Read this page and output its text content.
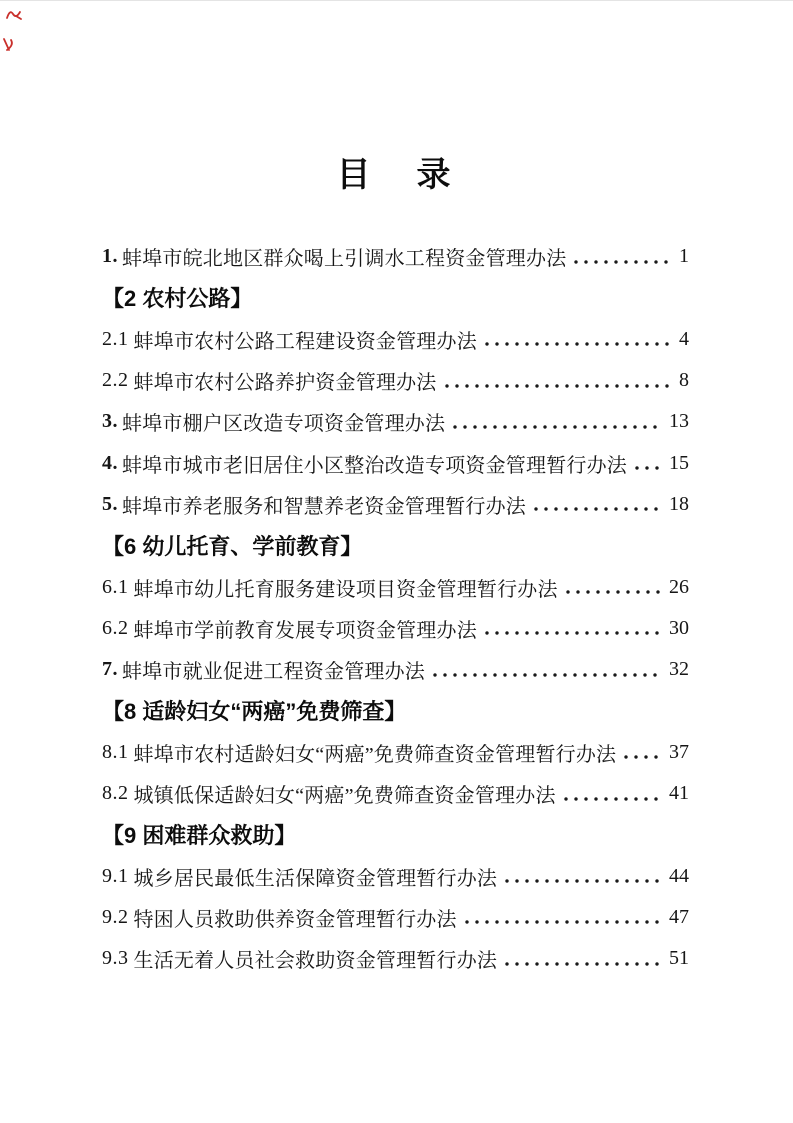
目　录
1. 蚌埠市皖北地区群众喝上引调水工程资金管理办法	1
【2 农村公路】
2.1 蚌埠市农村公路工程建设资金管理办法	4
2.2 蚌埠市农村公路养护资金管理办法	8
3. 蚌埠市棚户区改造专项资金管理办法	13
4. 蚌埠市城市老旧居住小区整治改造专项资金管理暂行办法 15
5. 蚌埠市养老服务和智慧养老资金管理暂行办法	18
【6 幼儿托育、学前教育】
6.1 蚌埠市幼儿托育服务建设项目资金管理暂行办法	26
6.2 蚌埠市学前教育发展专项资金管理办法	30
7. 蚌埠市就业促进工程资金管理办法	32
【8 适龄妇女“两癌”免费筛查】
8.1 蚌埠市农村适龄妇女“两癌”免费筛查资金管理暂行办法	37
8.2 城镇低保适龄妇女“两癌”免费筛查资金管理办法	41
【9 困难群众救助】
9.1 城乡居民最低生活保障资金管理暂行办法	44
9.2 特困人员救助供养资金管理暂行办法	47
9.3 生活无着人员社会救助资金管理暂行办法	51
